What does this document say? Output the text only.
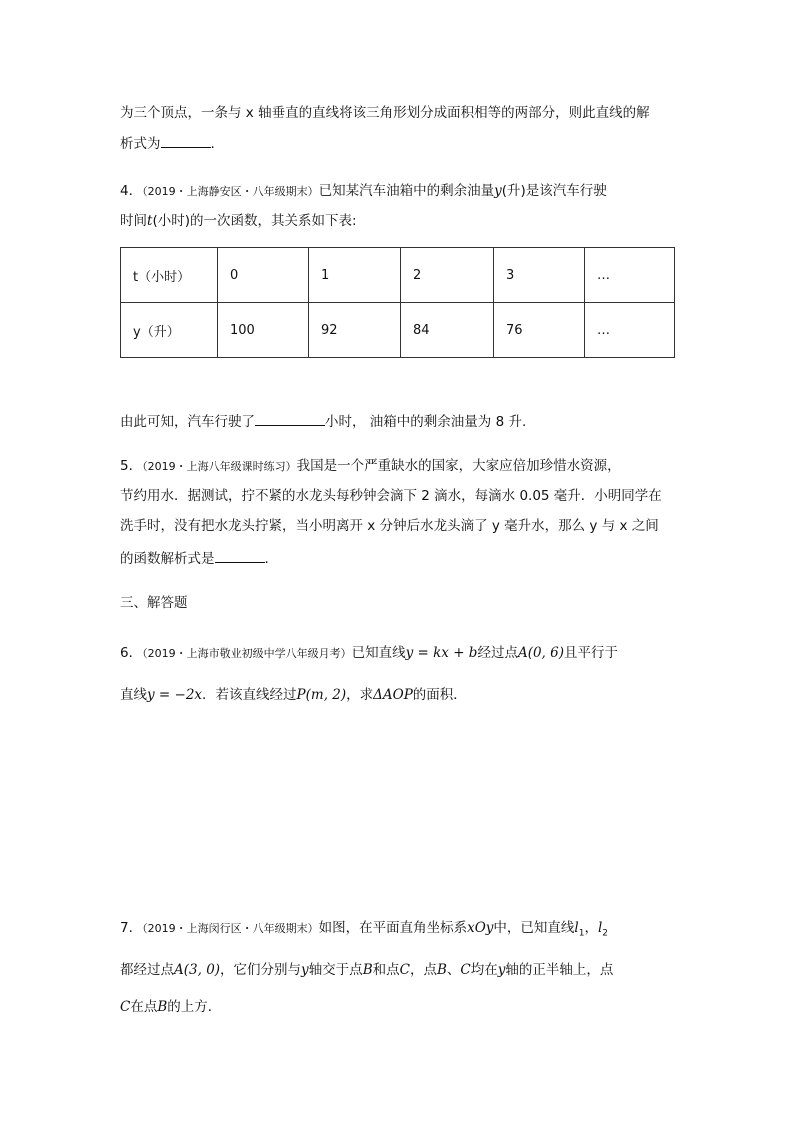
为三个顶点，一条与 x 轴垂直的直线将该三角形划分成面积相等的两部分，则此直线的解
析式为	.
4．（2019・上海静安区・八年级期末）已知某汽车油箱中的剩余油量y(升)是该汽车行驶
时间t(小时)的一次函数，其关系如下表:
t（小时）	0	1	2	3	…
y（升）	100	92	84	76	…
由此可知，汽车行驶了	小时， 油箱中的剩余油量为 8 升.
5．（2019・上海八年级课时练习）我国是一个严重缺水的国家，大家应倍加珍惜水资源，
节约用水．据测试，拧不紧的水龙头每秒钟会滴下 2 滴水，每滴水 0.05 毫升．小明同学在
洗手时，没有把水龙头拧紧，当小明离开 x 分钟后水龙头滴了 y 毫升水，那么 y 与 x 之间
的函数解析式是	.
三、解答题
6．（2019・上海市敬业初级中学八年级月考）已知直线y = kx + b经过点A(0, 6)且平行于
直线y = −2x．若该直线经过P(m, 2)，求ΔAOP的面积．
7．（2019・上海闵行区・八年级期末）如图，在平面直角坐标系xOy中，已知直线$l_1$，$l_2$
都经过点A(3, 0)，它们分别与y轴交于点B和点C，点B、C均在y轴的正半轴上，点
C在点B的上方．
